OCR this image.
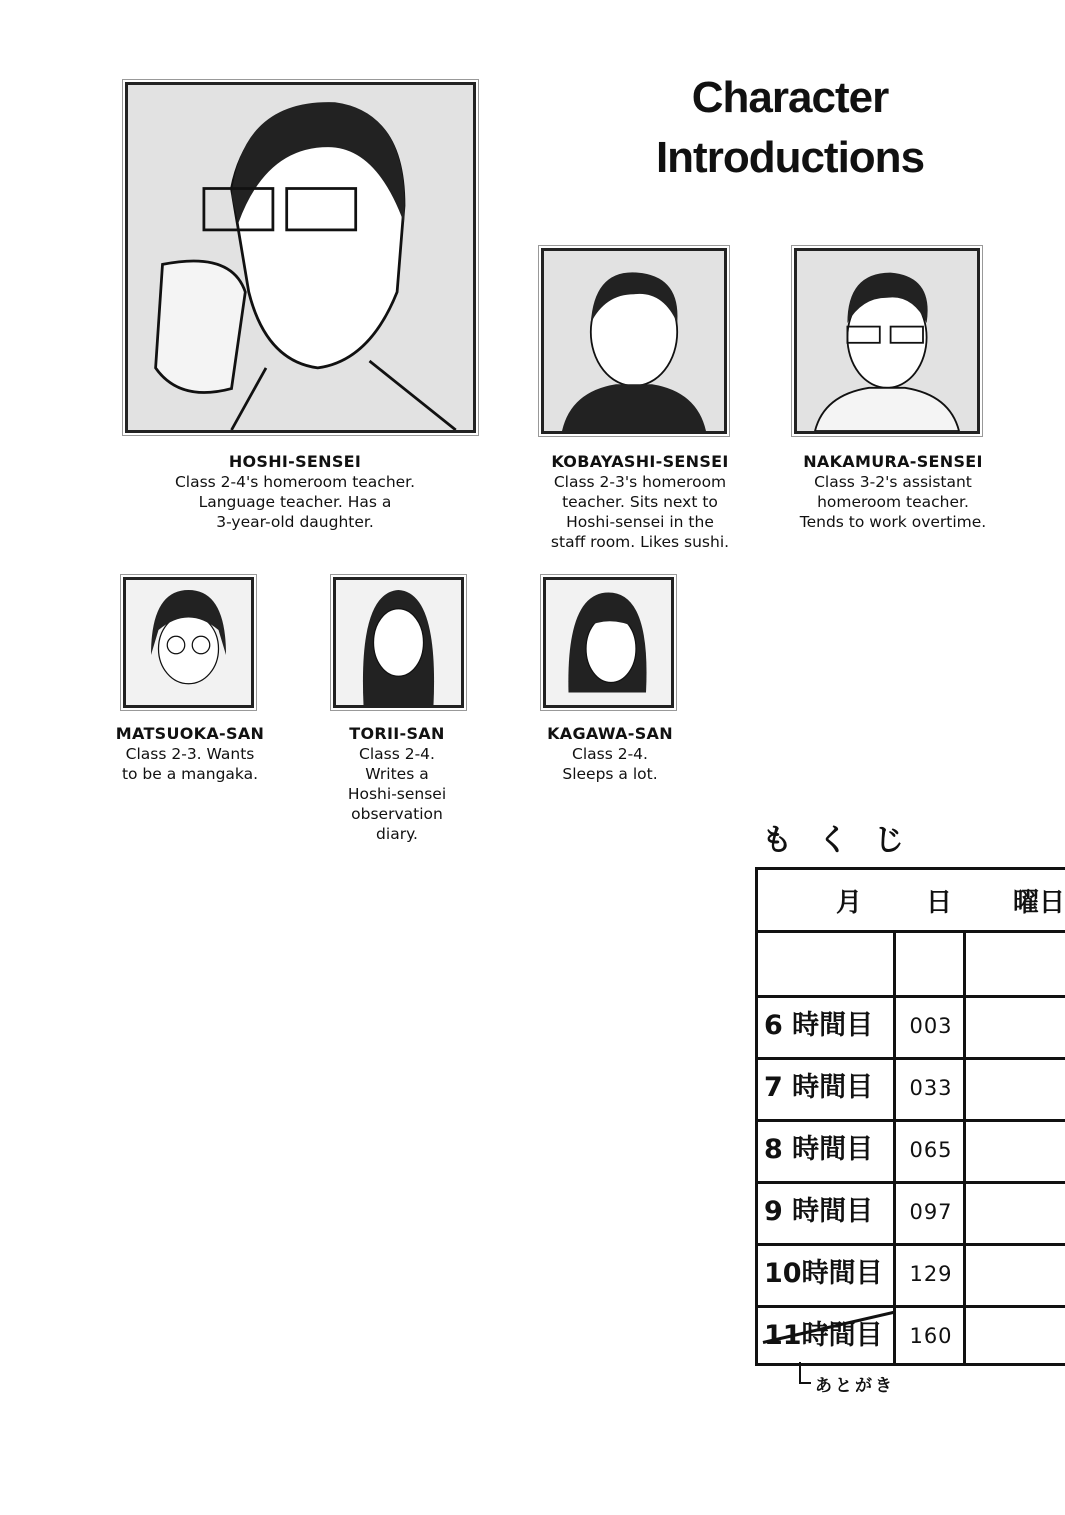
Character
Introductions
HOSHI-SENSEI
Class 2-4's homeroom teacher.
Language teacher. Has a
3-year-old daughter.
KOBAYASHI-SENSEI
Class 2-3's homeroom
teacher. Sits next to
Hoshi-sensei in the
staff room. Likes sushi.
NAKAMURA-SENSEI
Class 3-2's assistant
homeroom teacher.
Tends to work overtime.
MATSUOKA-SAN
Class 2-3. Wants
to be a mangaka.
TORII-SAN
Class 2-4.
Writes a
Hoshi-sensei
observation
diary.
KAGAWA-SAN
Class 2-4.
Sleeps a lot.
もくじ
月 日 曜日
6 時間目	003
7 時間目	033
8 時間目	065
9 時間目	097
10時間目	129
11時間目	160
あとがき
